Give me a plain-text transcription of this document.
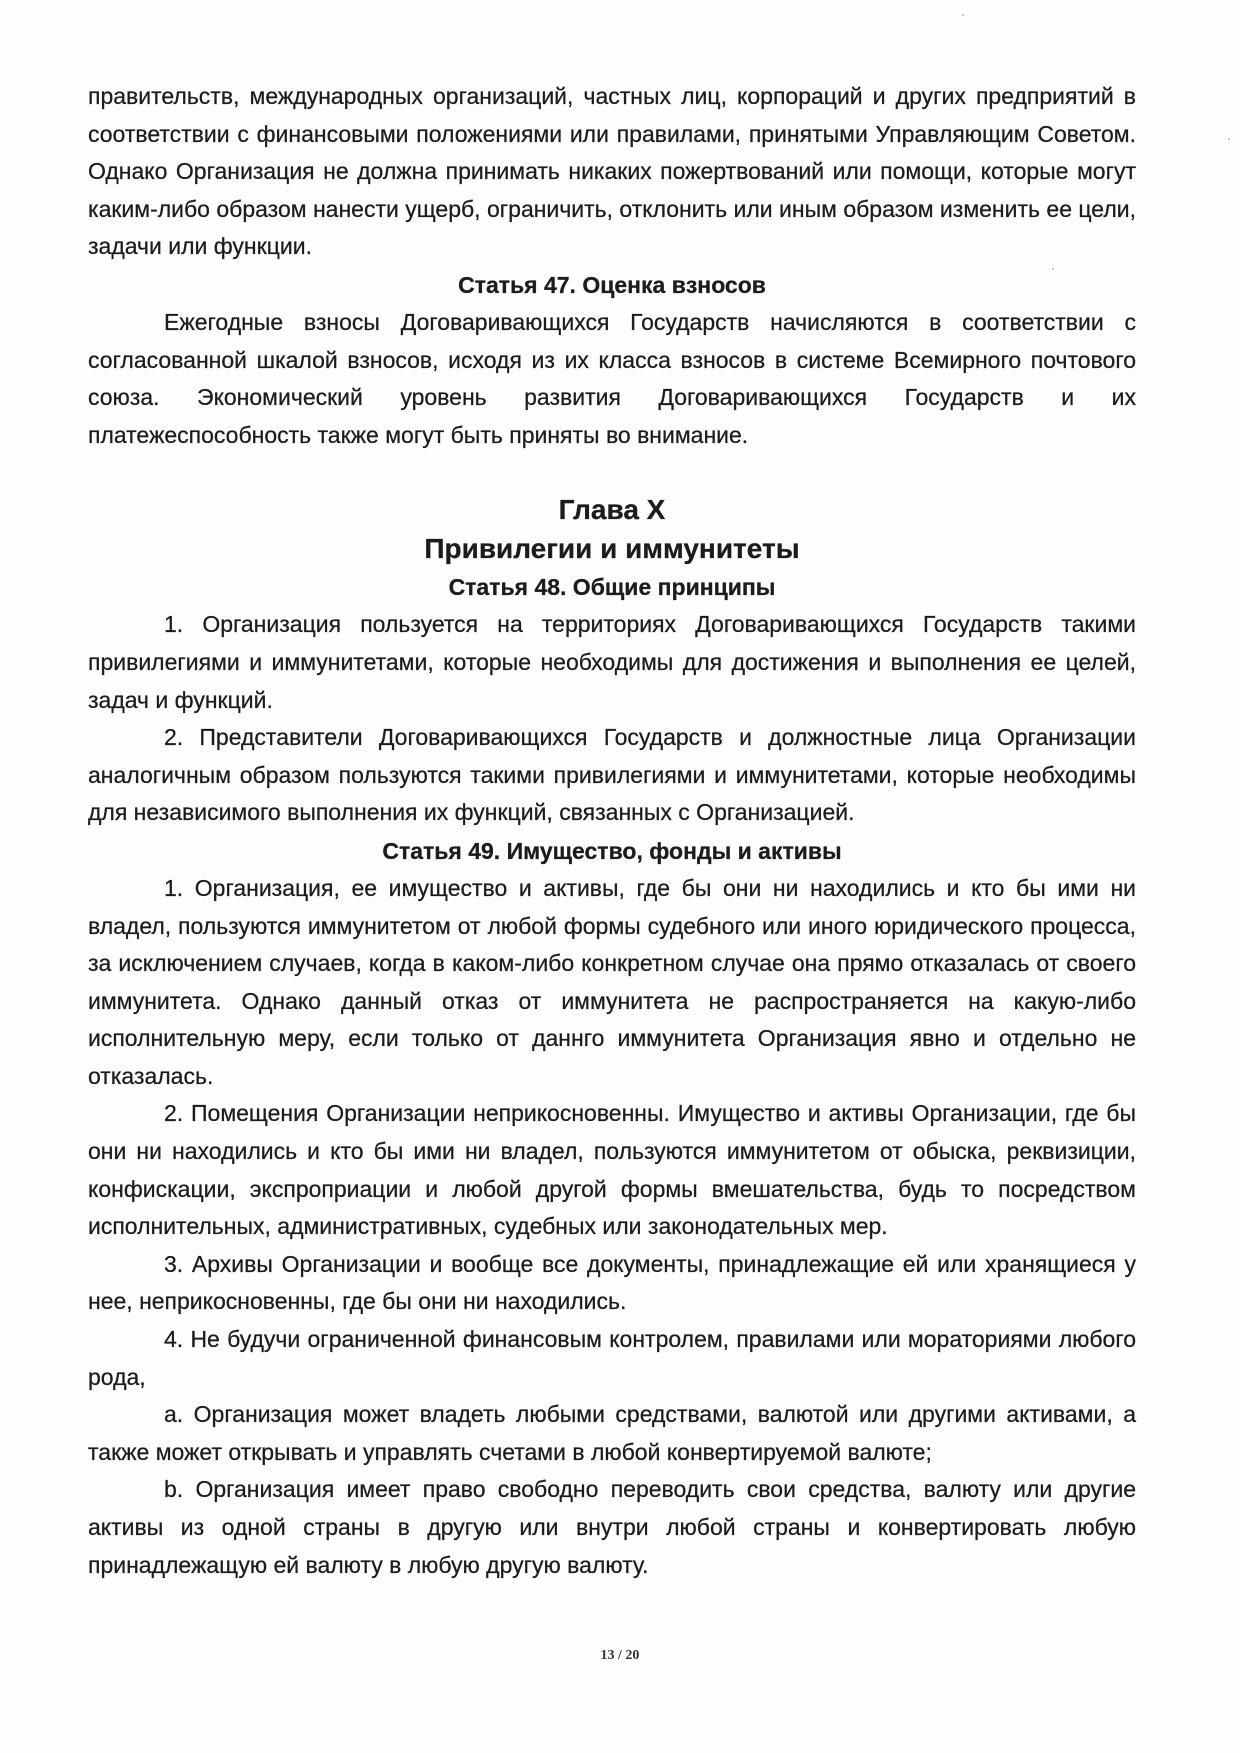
правительств, международных организаций, частных лиц, корпораций и других предприятий в соответствии с финансовыми положениями или правилами, принятыми Управляющим Советом. Однако Организация не должна принимать никаких пожертвований или помощи, которые могут каким-либо образом нанести ущерб, ограничить, отклонить или иным образом изменить ее цели, задачи или функции.

Статья 47. Оценка взносов

Ежегодные взносы Договаривающихся Государств начисляются в соответствии с согласованной шкалой взносов, исходя из их класса взносов в системе Всемирного почтового союза. Экономический уровень развития Договаривающихся Государств и их платежеспособность также могут быть приняты во внимание.

Глава X
Привилегии и иммунитеты
Статья 48. Общие принципы

1. Организация пользуется на территориях Договаривающихся Государств такими привилегиями и иммунитетами, которые необходимы для достижения и выполнения ее целей, задач и функций.

2. Представители Договаривающихся Государств и должностные лица Организации аналогичным образом пользуются такими привилегиями и иммунитетами, которые необходимы для независимого выполнения их функций, связанных с Организацией.

Статья 49. Имущество, фонды и активы

1. Организация, ее имущество и активы, где бы они ни находились и кто бы ими ни владел, пользуются иммунитетом от любой формы судебного или иного юридического процесса, за исключением случаев, когда в каком-либо конкретном случае она прямо отказалась от своего иммунитета. Однако данный отказ от иммунитета не распространяется на какую-либо исполнительную меру, если только от даннго иммунитета Организация явно и отдельно не отказалась.

2. Помещения Организации неприкосновенны. Имущество и активы Организации, где бы они ни находились и кто бы ими ни владел, пользуются иммунитетом от обыска, реквизиции, конфискации, экспроприации и любой другой формы вмешательства, будь то посредством исполнительных, административных, судебных или законодательных мер.

3. Архивы Организации и вообще все документы, принадлежащие ей или хранящиеся у нее, неприкосновенны, где бы они ни находились.

4. Не будучи ограниченной финансовым контролем, правилами или мораториями любого рода,

a. Организация может владеть любыми средствами, валютой или другими активами, а также может открывать и управлять счетами в любой конвертируемой валюте;

b. Организация имеет право свободно переводить свои средства, валюту или другие активы из одной страны в другую или внутри любой страны и конвертировать любую принадлежащую ей валюту в любую другую валюту.

13 / 20
